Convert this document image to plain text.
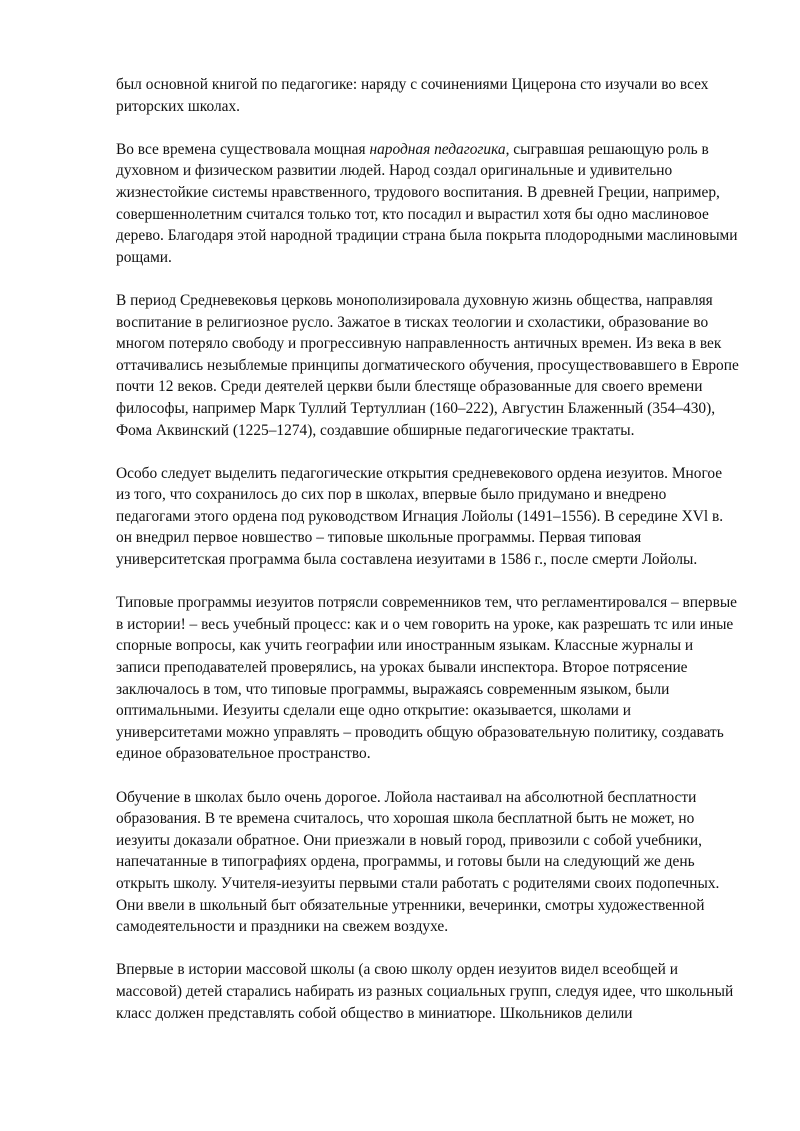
был основной книгой по педагогике: наряду с сочинениями Цицерона сто изучали во всех риторских школах.

Во все времена существовала мощная народная педагогика, сыгравшая решающую роль в духовном и физическом развитии людей. Народ создал оригинальные и удивительно жизнестойкие системы нравственного, трудового воспитания. В древней Греции, например, совершеннолетним считался только тот, кто посадил и вырастил хотя бы одно маслиновое дерево. Благодаря этой народной традиции страна была покрыта плодородными маслиновыми рощами.

В период Средневековья церковь монополизировала духовную жизнь общества, направляя воспитание в религиозное русло. Зажатое в тисках теологии и схоластики, образование во многом потеряло свободу и прогрессивную направленность античных времен. Из века в век оттачивались незыблемые принципы догматического обучения, просуществовавшего в Европе почти 12 веков. Среди деятелей церкви были блестяще образованные для своего времени философы, например Марк Туллий Тертуллиан (160–222), Августин Блаженный (354–430), Фома Аквинский (1225–1274), создавшие обширные педагогические трактаты.

Особо следует выделить педагогические открытия средневекового ордена иезуитов. Многое из того, что сохранилось до сих пор в школах, впервые было придумано и внедрено педагогами этого ордена под руководством Игнация Лойолы (1491–1556). В середине XVl в. он внедрил первое новшество – типовые школьные программы. Первая типовая университетская программа была составлена иезуитами в 1586 г., после смерти Лойолы.

Типовые программы иезуитов потрясли современников тем, что регламентировался – впервые в истории! – весь учебный процесс: как и о чем говорить на уроке, как разрешать тс или иные спорные вопросы, как учить географии или иностранным языкам. Классные журналы и записи преподавателей проверялись, на уроках бывали инспектора. Второе потрясение заключалось в том, что типовые программы, выражаясь современным языком, были оптимальными. Иезуиты сделали еще одно открытие: оказывается, школами и университетами можно управлять – проводить общую образовательную политику, создавать единое образовательное пространство.

Обучение в школах было очень дорогое. Лойола настаивал на абсолютной бесплатности образования. В те времена считалось, что хорошая школа бесплатной быть не может, но иезуиты доказали обратное. Они приезжали в новый город, привозили с собой учебники, напечатанные в типографиях ордена, программы, и готовы были на следующий же день открыть школу. Учителя-иезуиты первыми стали работать с родителями своих подопечных. Они ввели в школьный быт обязательные утренники, вечеринки, смотры художественной самодеятельности и праздники на свежем воздухе.

Впервые в истории массовой школы (а свою школу орден иезуитов видел всеобщей и массовой) детей старались набирать из разных социальных групп, следуя идее, что школьный класс должен представлять собой общество в миниатюре. Школьников делили
